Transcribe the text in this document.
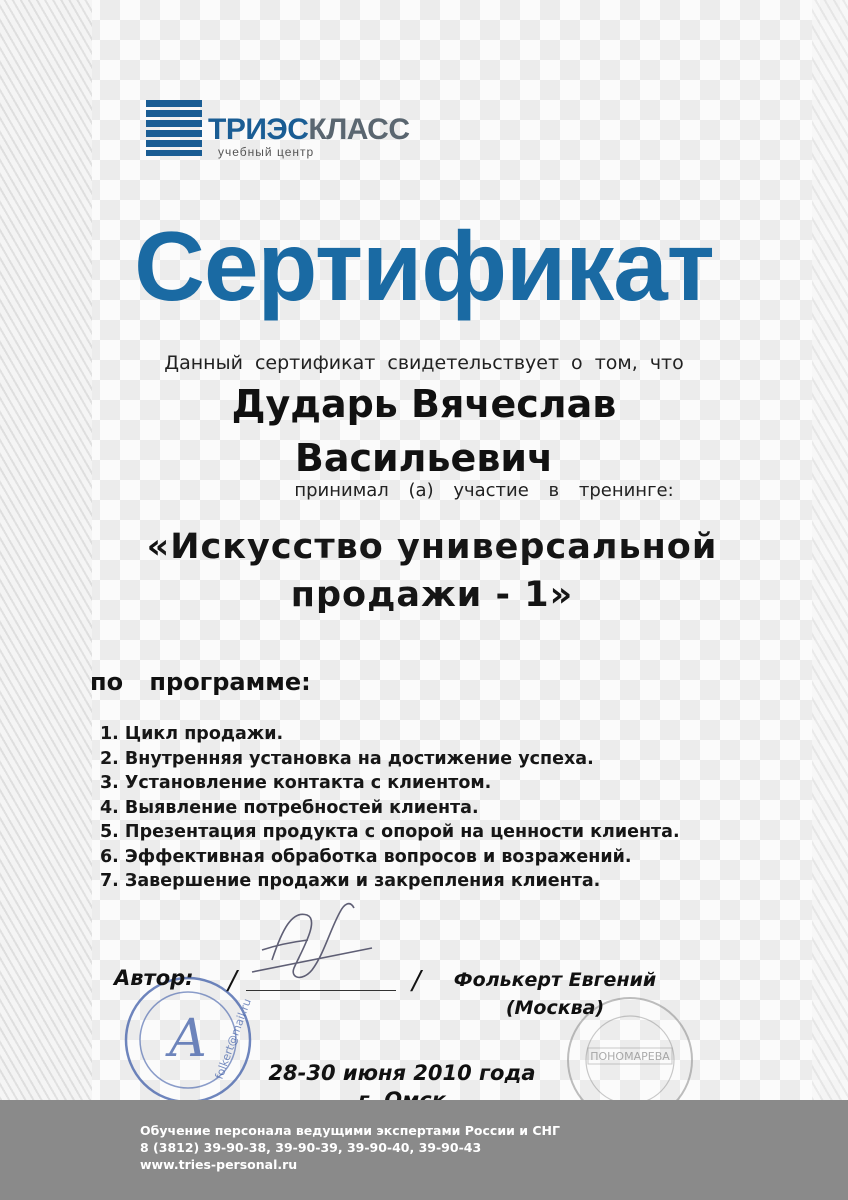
ТРИЭСКЛАСС
учебный центр
Сертификат
Данный сертификат свидетельствует о том, что
Дударь Вячеслав
Васильевич
принимал (а) участие в тренинге:
«Искусство универсальной
продажи - 1»
по программе:
1. Цикл продажи.
2. Внутренняя установка на достижение успеха.
3. Установление контакта с клиентом.
4. Выявление потребностей клиента.
5. Презентация продукта с опорой на ценности клиента.
6. Эффективная обработка вопросов и возражений.
7. Завершение продажи и закрепления клиента.
A folkert@mail.ru	ПОНОМАРЕВА
Автор: /	/	Фолькерт Евгений
(Москва)
28-30 июня 2010 года
Обучение персонала ведущими экспертами России и СНГ
8 (3812) 39-90-38, 39-90-39, 39-90-40, 39-90-43
www.tries-personal.ru
